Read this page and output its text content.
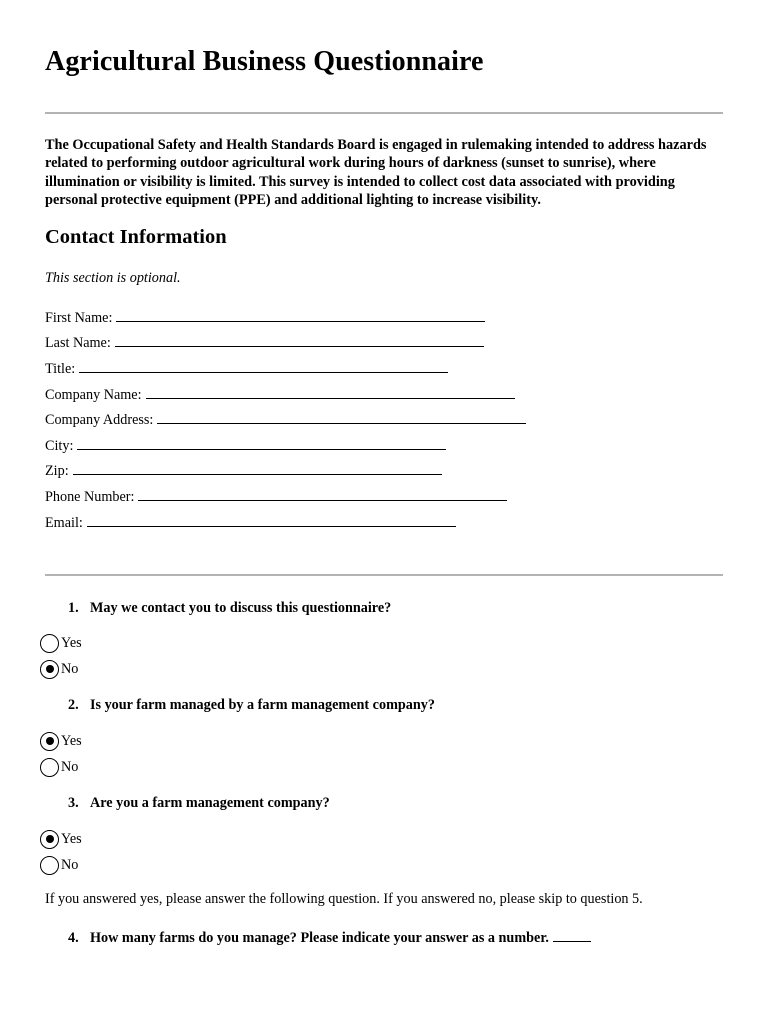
Agricultural Business Questionnaire

The Occupational Safety and Health Standards Board is engaged in rulemaking intended to address hazards related to performing outdoor agricultural work during hours of darkness (sunset to sunrise), where illumination or visibility is limited. This survey is intended to collect cost data associated with providing personal protective equipment (PPE) and additional lighting to increase visibility.

Contact Information

This section is optional.

First Name:
Last Name:
Title:
Company Name:
Company Address:
City:
Zip:
Phone Number:
Email:
1. May we contact you to discuss this questionnaire?
Yes
No
2. Is your farm managed by a farm management company?
Yes
No
3. Are you a farm management company?
Yes
No

If you answered yes, please answer the following question. If you answered no, please skip to question 5.

4. How many farms do you manage? Please indicate your answer as a number.
